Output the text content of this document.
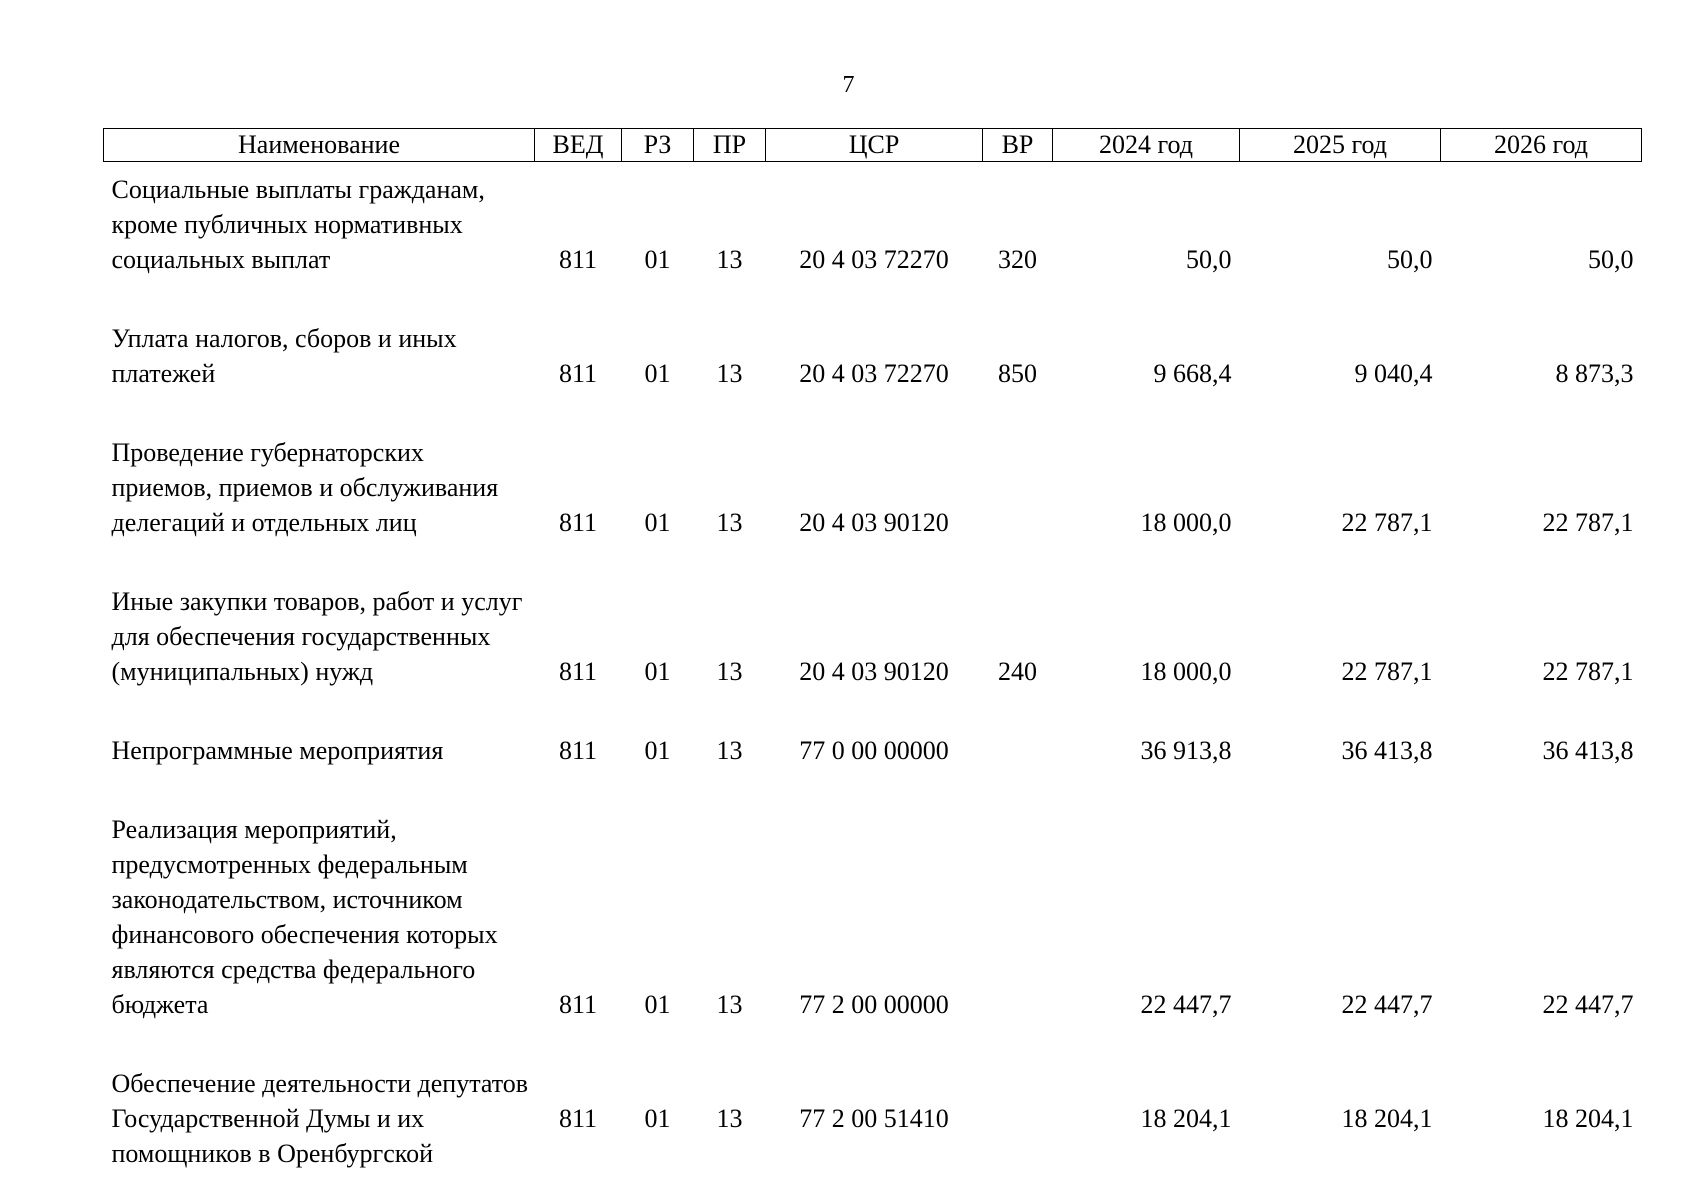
7
Наименование	ВЕД	РЗ	ПР	ЦСР	ВР	2024 год	2025 год	2026 год
Социальные выплаты гражданам, кроме публичных нормативных социальных выплат	811	01	13	20 4 03 72270	320	50,0	50,0	50,0
Уплата налогов, сборов и иных платежей	811	01	13	20 4 03 72270	850	9 668,4	9 040,4	8 873,3
Проведение губернаторских приемов, приемов и обслуживания делегаций и отдельных лиц	811	01	13	20 4 03 90120		18 000,0	22 787,1	22 787,1
Иные закупки товаров, работ и услуг для обеспечения государственных (муниципальных) нужд	811	01	13	20 4 03 90120	240	18 000,0	22 787,1	22 787,1
Непрограммные мероприятия	811	01	13	77 0 00 00000		36 913,8	36 413,8	36 413,8
Реализация мероприятий, предусмотренных федеральным законодательством, источником финансового обеспечения которых являются средства федерального бюджета	811	01	13	77 2 00 00000		22 447,7	22 447,7	22 447,7
Обеспечение деятельности депутатов Государственной Думы и их помощников в Оренбургской	811	01	13	77 2 00 51410		18 204,1	18 204,1	18 204,1
